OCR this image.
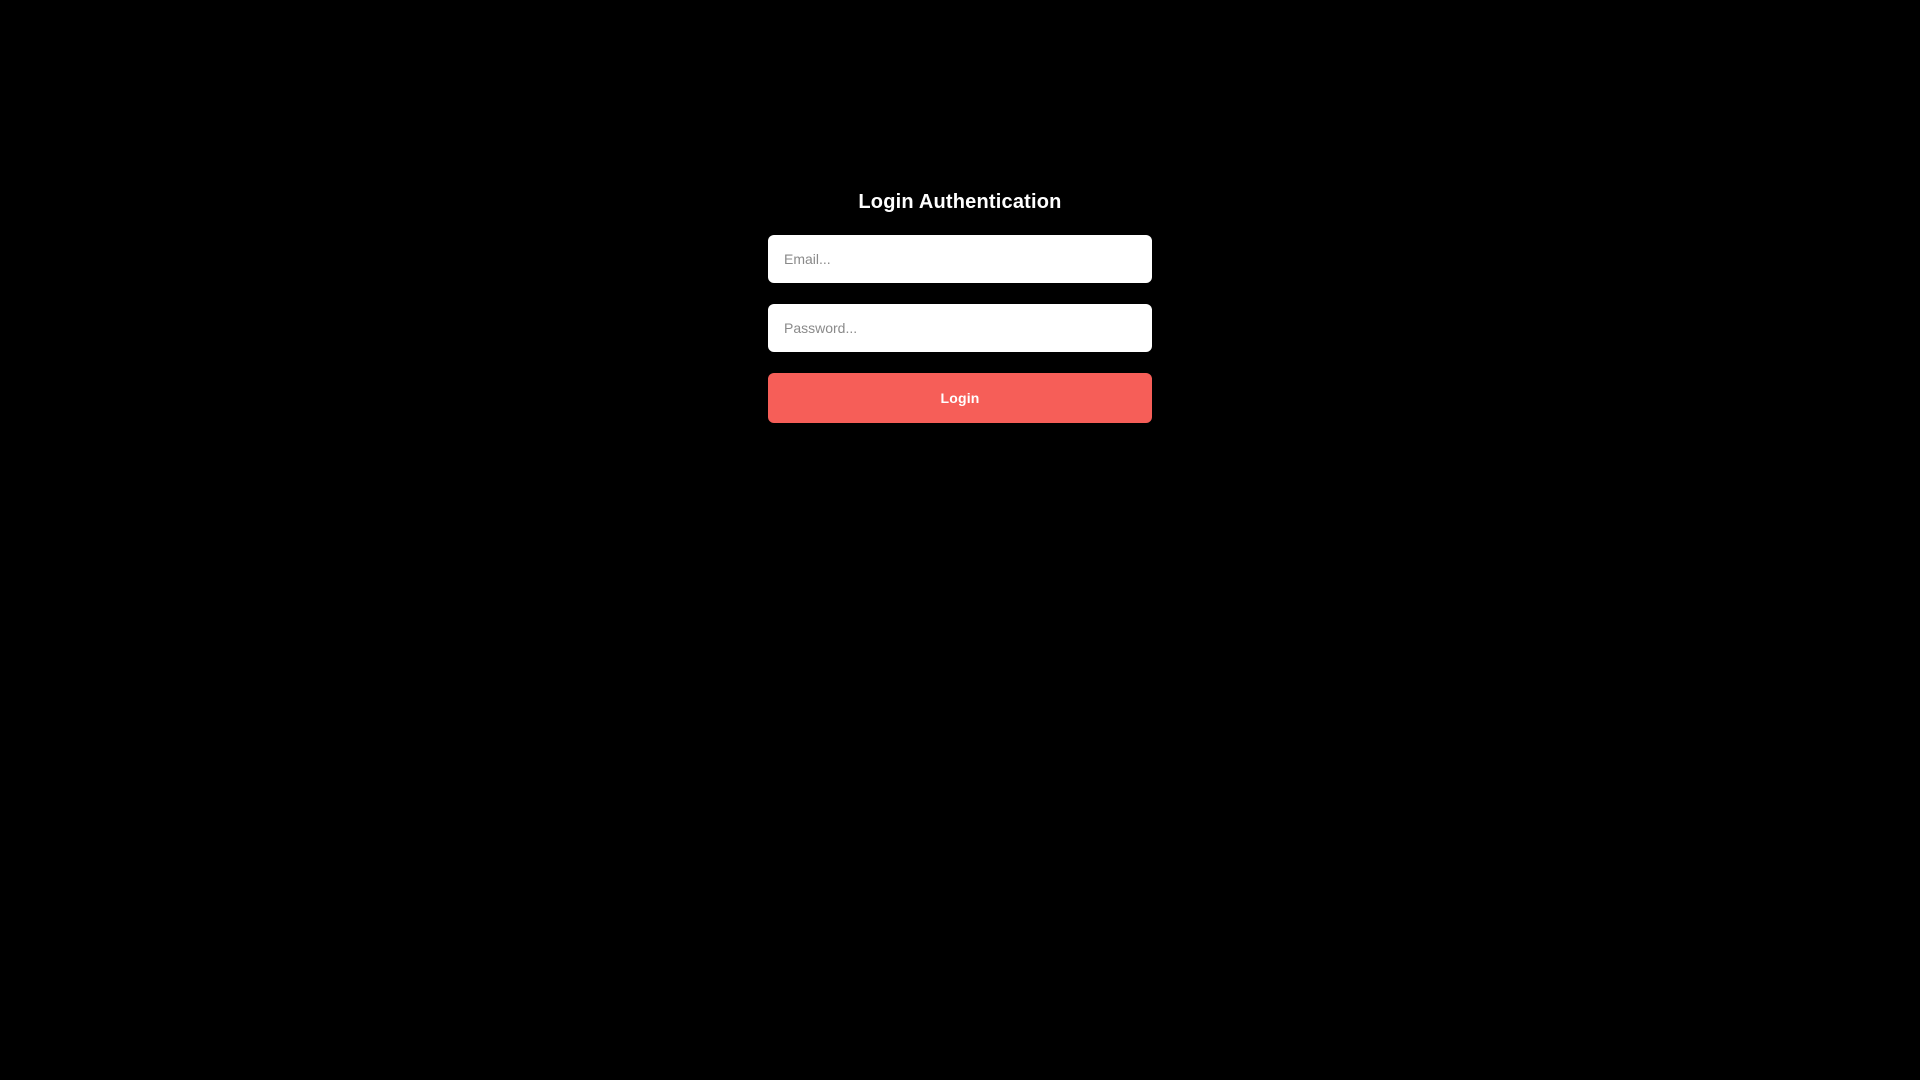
Login Authentication
Email...
Login
